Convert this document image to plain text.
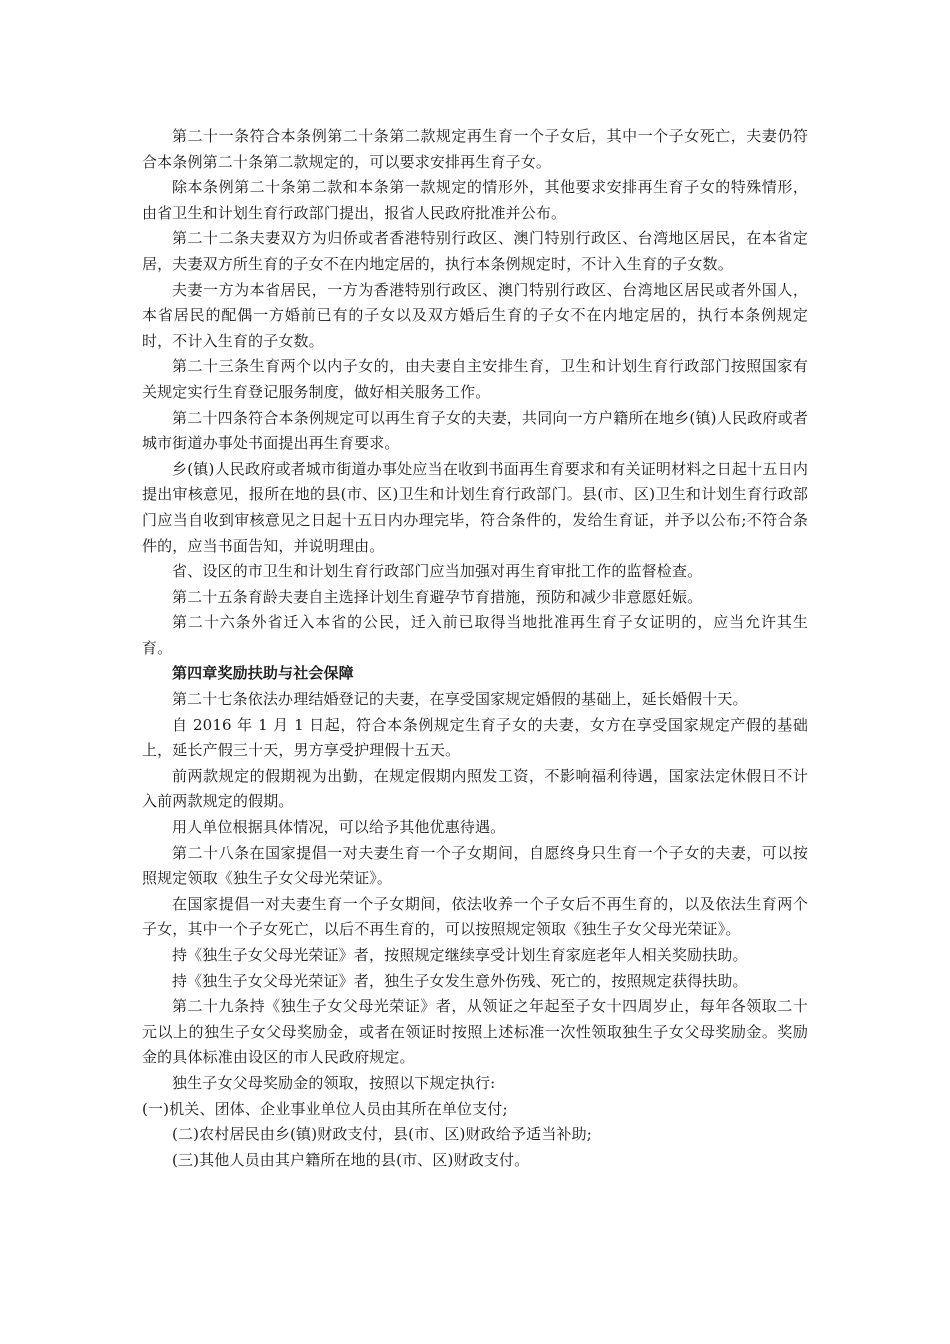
第二十一条符合本条例第二十条第二款规定再生育一个子女后，其中一个子女死亡，夫妻仍符合本条例第二十条第二款规定的，可以要求安排再生育子女。

除本条例第二十条第二款和本条第一款规定的情形外，其他要求安排再生育子女的特殊情形，由省卫生和计划生育行政部门提出，报省人民政府批准并公布。

第二十二条夫妻双方为归侨或者香港特别行政区、澳门特别行政区、台湾地区居民，在本省定居，夫妻双方所生育的子女不在内地定居的，执行本条例规定时，不计入生育的子女数。

夫妻一方为本省居民，一方为香港特别行政区、澳门特别行政区、台湾地区居民或者外国人，本省居民的配偶一方婚前已有的子女以及双方婚后生育的子女不在内地定居的，执行本条例规定时，不计入生育的子女数。

第二十三条生育两个以内子女的，由夫妻自主安排生育，卫生和计划生育行政部门按照国家有关规定实行生育登记服务制度，做好相关服务工作。

第二十四条符合本条例规定可以再生育子女的夫妻，共同向一方户籍所在地乡(镇)人民政府或者城市街道办事处书面提出再生育要求。

乡(镇)人民政府或者城市街道办事处应当在收到书面再生育要求和有关证明材料之日起十五日内提出审核意见，报所在地的县(市、区)卫生和计划生育行政部门。县(市、区)卫生和计划生育行政部门应当自收到审核意见之日起十五日内办理完毕，符合条件的，发给生育证，并予以公布;不符合条件的，应当书面告知，并说明理由。

省、设区的市卫生和计划生育行政部门应当加强对再生育审批工作的监督检查。

第二十五条育龄夫妻自主选择计划生育避孕节育措施，预防和减少非意愿妊娠。

第二十六条外省迁入本省的公民，迁入前已取得当地批准再生育子女证明的，应当允许其生育。

第四章奖励扶助与社会保障

第二十七条依法办理结婚登记的夫妻，在享受国家规定婚假的基础上，延长婚假十天。

自 2016 年 1 月 1 日起，符合本条例规定生育子女的夫妻，女方在享受国家规定产假的基础上，延长产假三十天，男方享受护理假十五天。

前两款规定的假期视为出勤，在规定假期内照发工资，不影响福利待遇，国家法定休假日不计入前两款规定的假期。

用人单位根据具体情况，可以给予其他优惠待遇。

第二十八条在国家提倡一对夫妻生育一个子女期间，自愿终身只生育一个子女的夫妻，可以按照规定领取《独生子女父母光荣证》。

在国家提倡一对夫妻生育一个子女期间，依法收养一个子女后不再生育的，以及依法生育两个子女，其中一个子女死亡，以后不再生育的，可以按照规定领取《独生子女父母光荣证》。

持《独生子女父母光荣证》者，按照规定继续享受计划生育家庭老年人相关奖励扶助。

持《独生子女父母光荣证》者，独生子女发生意外伤残、死亡的，按照规定获得扶助。

第二十九条持《独生子女父母光荣证》者，从领证之年起至子女十四周岁止，每年各领取二十元以上的独生子女父母奖励金，或者在领证时按照上述标准一次性领取独生子女父母奖励金。奖励金的具体标准由设区的市人民政府规定。

独生子女父母奖励金的领取，按照以下规定执行:

(一)机关、团体、企业事业单位人员由其所在单位支付;

(二)农村居民由乡(镇)财政支付，县(市、区)财政给予适当补助;

(三)其他人员由其户籍所在地的县(市、区)财政支付。
